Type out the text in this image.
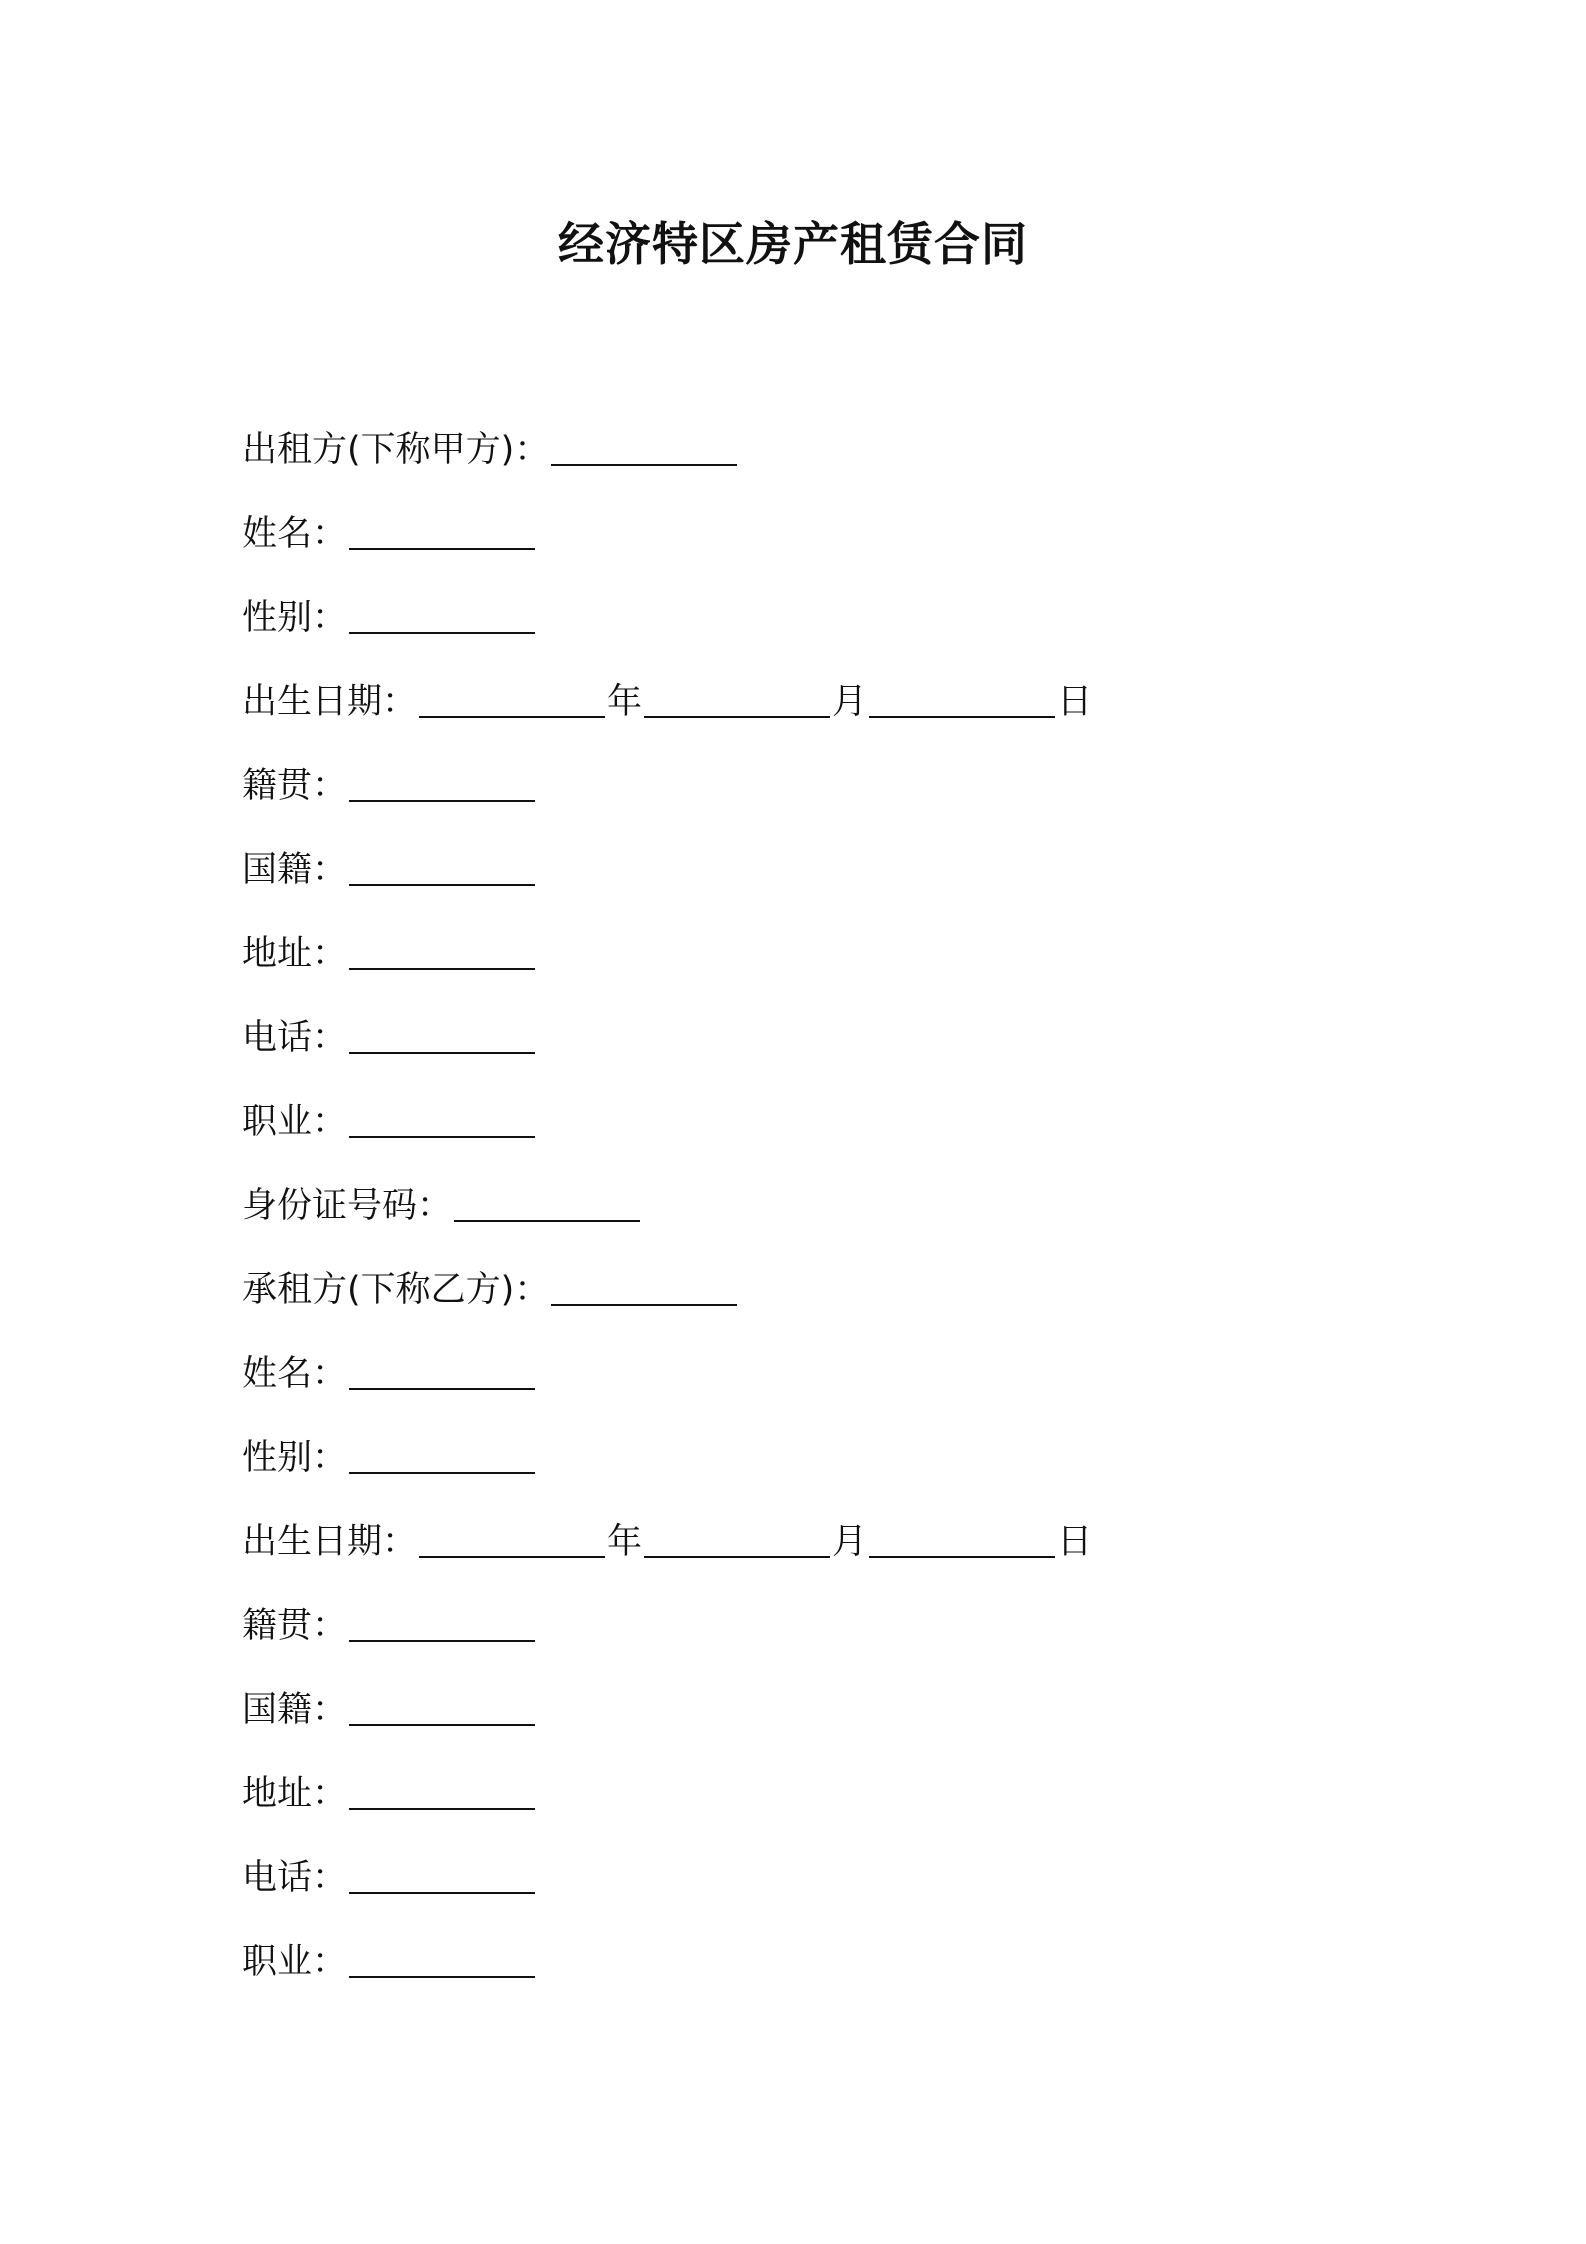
经济特区房产租赁合同
出租方(下称甲方) ：
姓名 ：
性别 ：
出生日期 ：	年	月	日
籍贯 ：
国籍 ：
地址 ：
电话 ：
职业 ：
身份证号码 ：
承租方(下称乙方) ：
姓名 ：
性别 ：
出生日期 ：	年	月	日
籍贯 ：
国籍 ：
地址 ：
电话 ：
职业 ：
